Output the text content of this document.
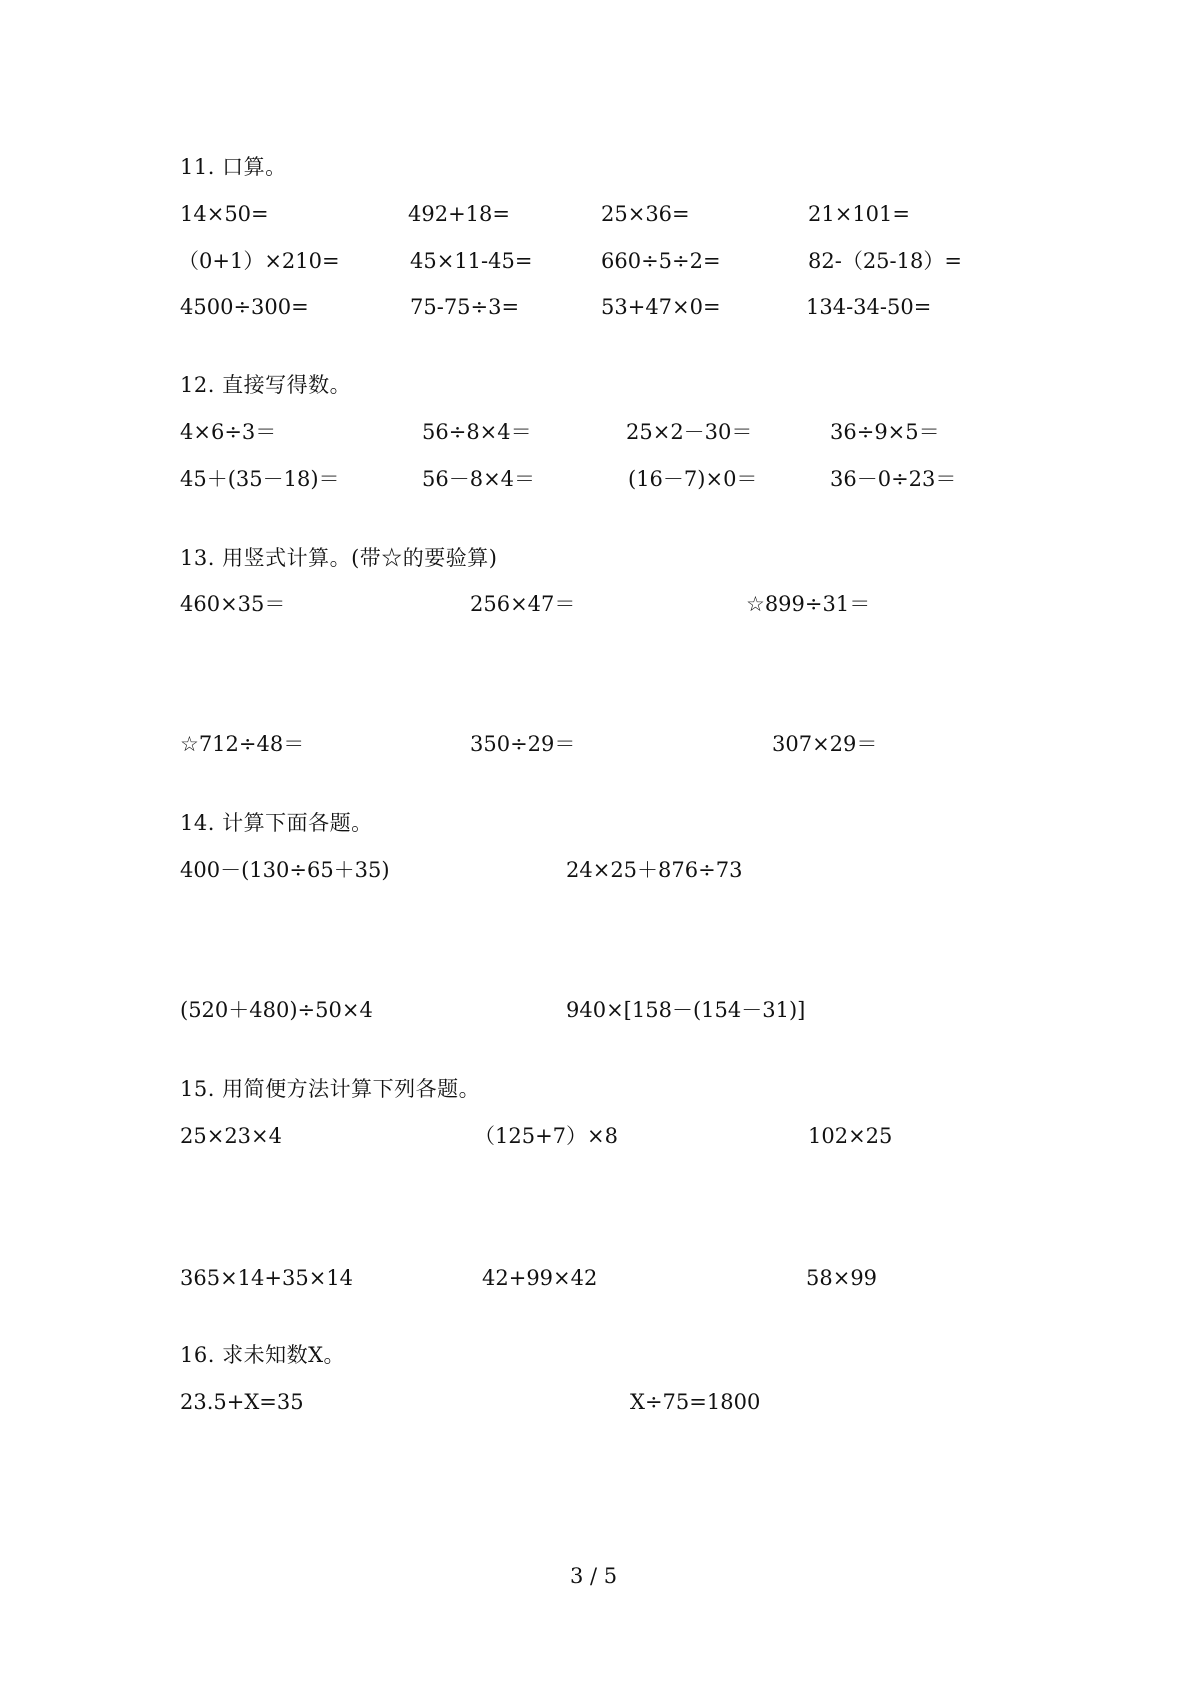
11. 口算。
14×50=	492+18=	25×36=	21×101=
（0+1）×210=	45×11-45=	660÷5÷2=	82-（25-18）=
4500÷300=	75-75÷3=	53+47×0=	134-34-50=
12. 直接写得数。
4×6÷3＝	56÷8×4＝	25×2－30＝	36÷9×5＝
45＋(35－18)＝	56－8×4＝	(16－7)×0＝	36－0÷23＝
13. 用竖式计算。(带☆的要验算)
460×35＝	256×47＝	☆899÷31＝
☆712÷48＝	350÷29＝	307×29＝
14. 计算下面各题。
400－(130÷65＋35)	24×25＋876÷73
(520＋480)÷50×4	940×[158－(154－31)]
15. 用简便方法计算下列各题。
25×23×4	（125+7）×8	102×25
365×14+35×14	42+99×42	58×99
16. 求未知数X。
23.5+X=35	X÷75=1800
3 / 5
